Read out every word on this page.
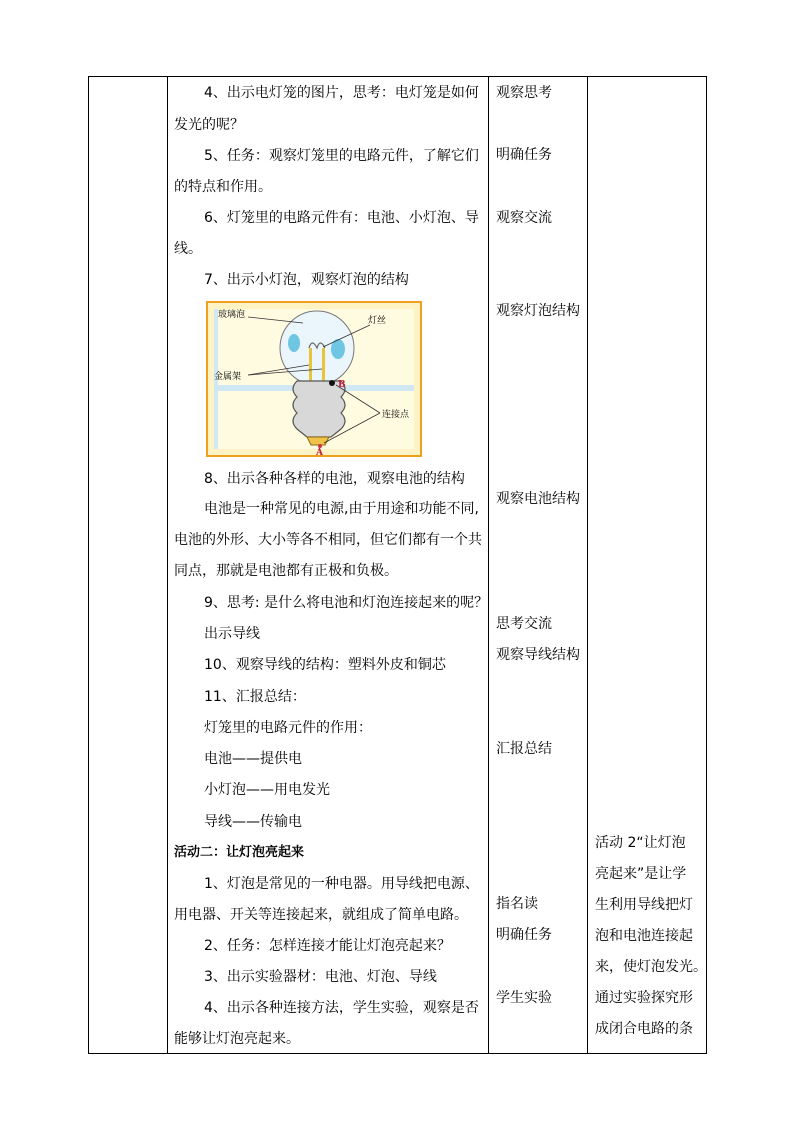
4、出示电灯笼的图片，思考：电灯笼是如何
发光的呢？
5、任务：观察灯笼里的电路元件，了解它们
的特点和作用。
6、灯笼里的电路元件有：电池、小灯泡、导
线。
7、出示小灯泡，观察灯泡的结构
玻璃泡
灯丝
金属架
连接点
B
A
8、出示各种各样的电池，观察电池的结构
电池是一种常见的电源,由于用途和功能不同,
电池的外形、大小等各不相同，但它们都有一个共
同点，那就是电池都有正极和负极。
9、思考: 是什么将电池和灯泡连接起来的呢？
出示导线
10、观察导线的结构：塑料外皮和铜芯
11、汇报总结：
灯笼里的电路元件的作用：
电池——提供电
小灯泡——用电发光
导线——传输电
活动二：让灯泡亮起来
1、灯泡是常见的一种电器。用导线把电源、
用电器、开关等连接起来，就组成了简单电路。
2、任务：怎样连接才能让灯泡亮起来？
3、出示实验器材：电池、灯泡、导线
4、出示各种连接方法，学生实验，观察是否
能够让灯泡亮起来。
观察思考
明确任务
观察交流
观察灯泡结构
观察电池结构
思考交流
观察导线结构
汇报总结
指名读
明确任务
学生实验
活动 2“让灯泡
亮起来”是让学
生利用导线把灯
泡和电池连接起
来，使灯泡发光。
通过实验探究形
成闭合电路的条
